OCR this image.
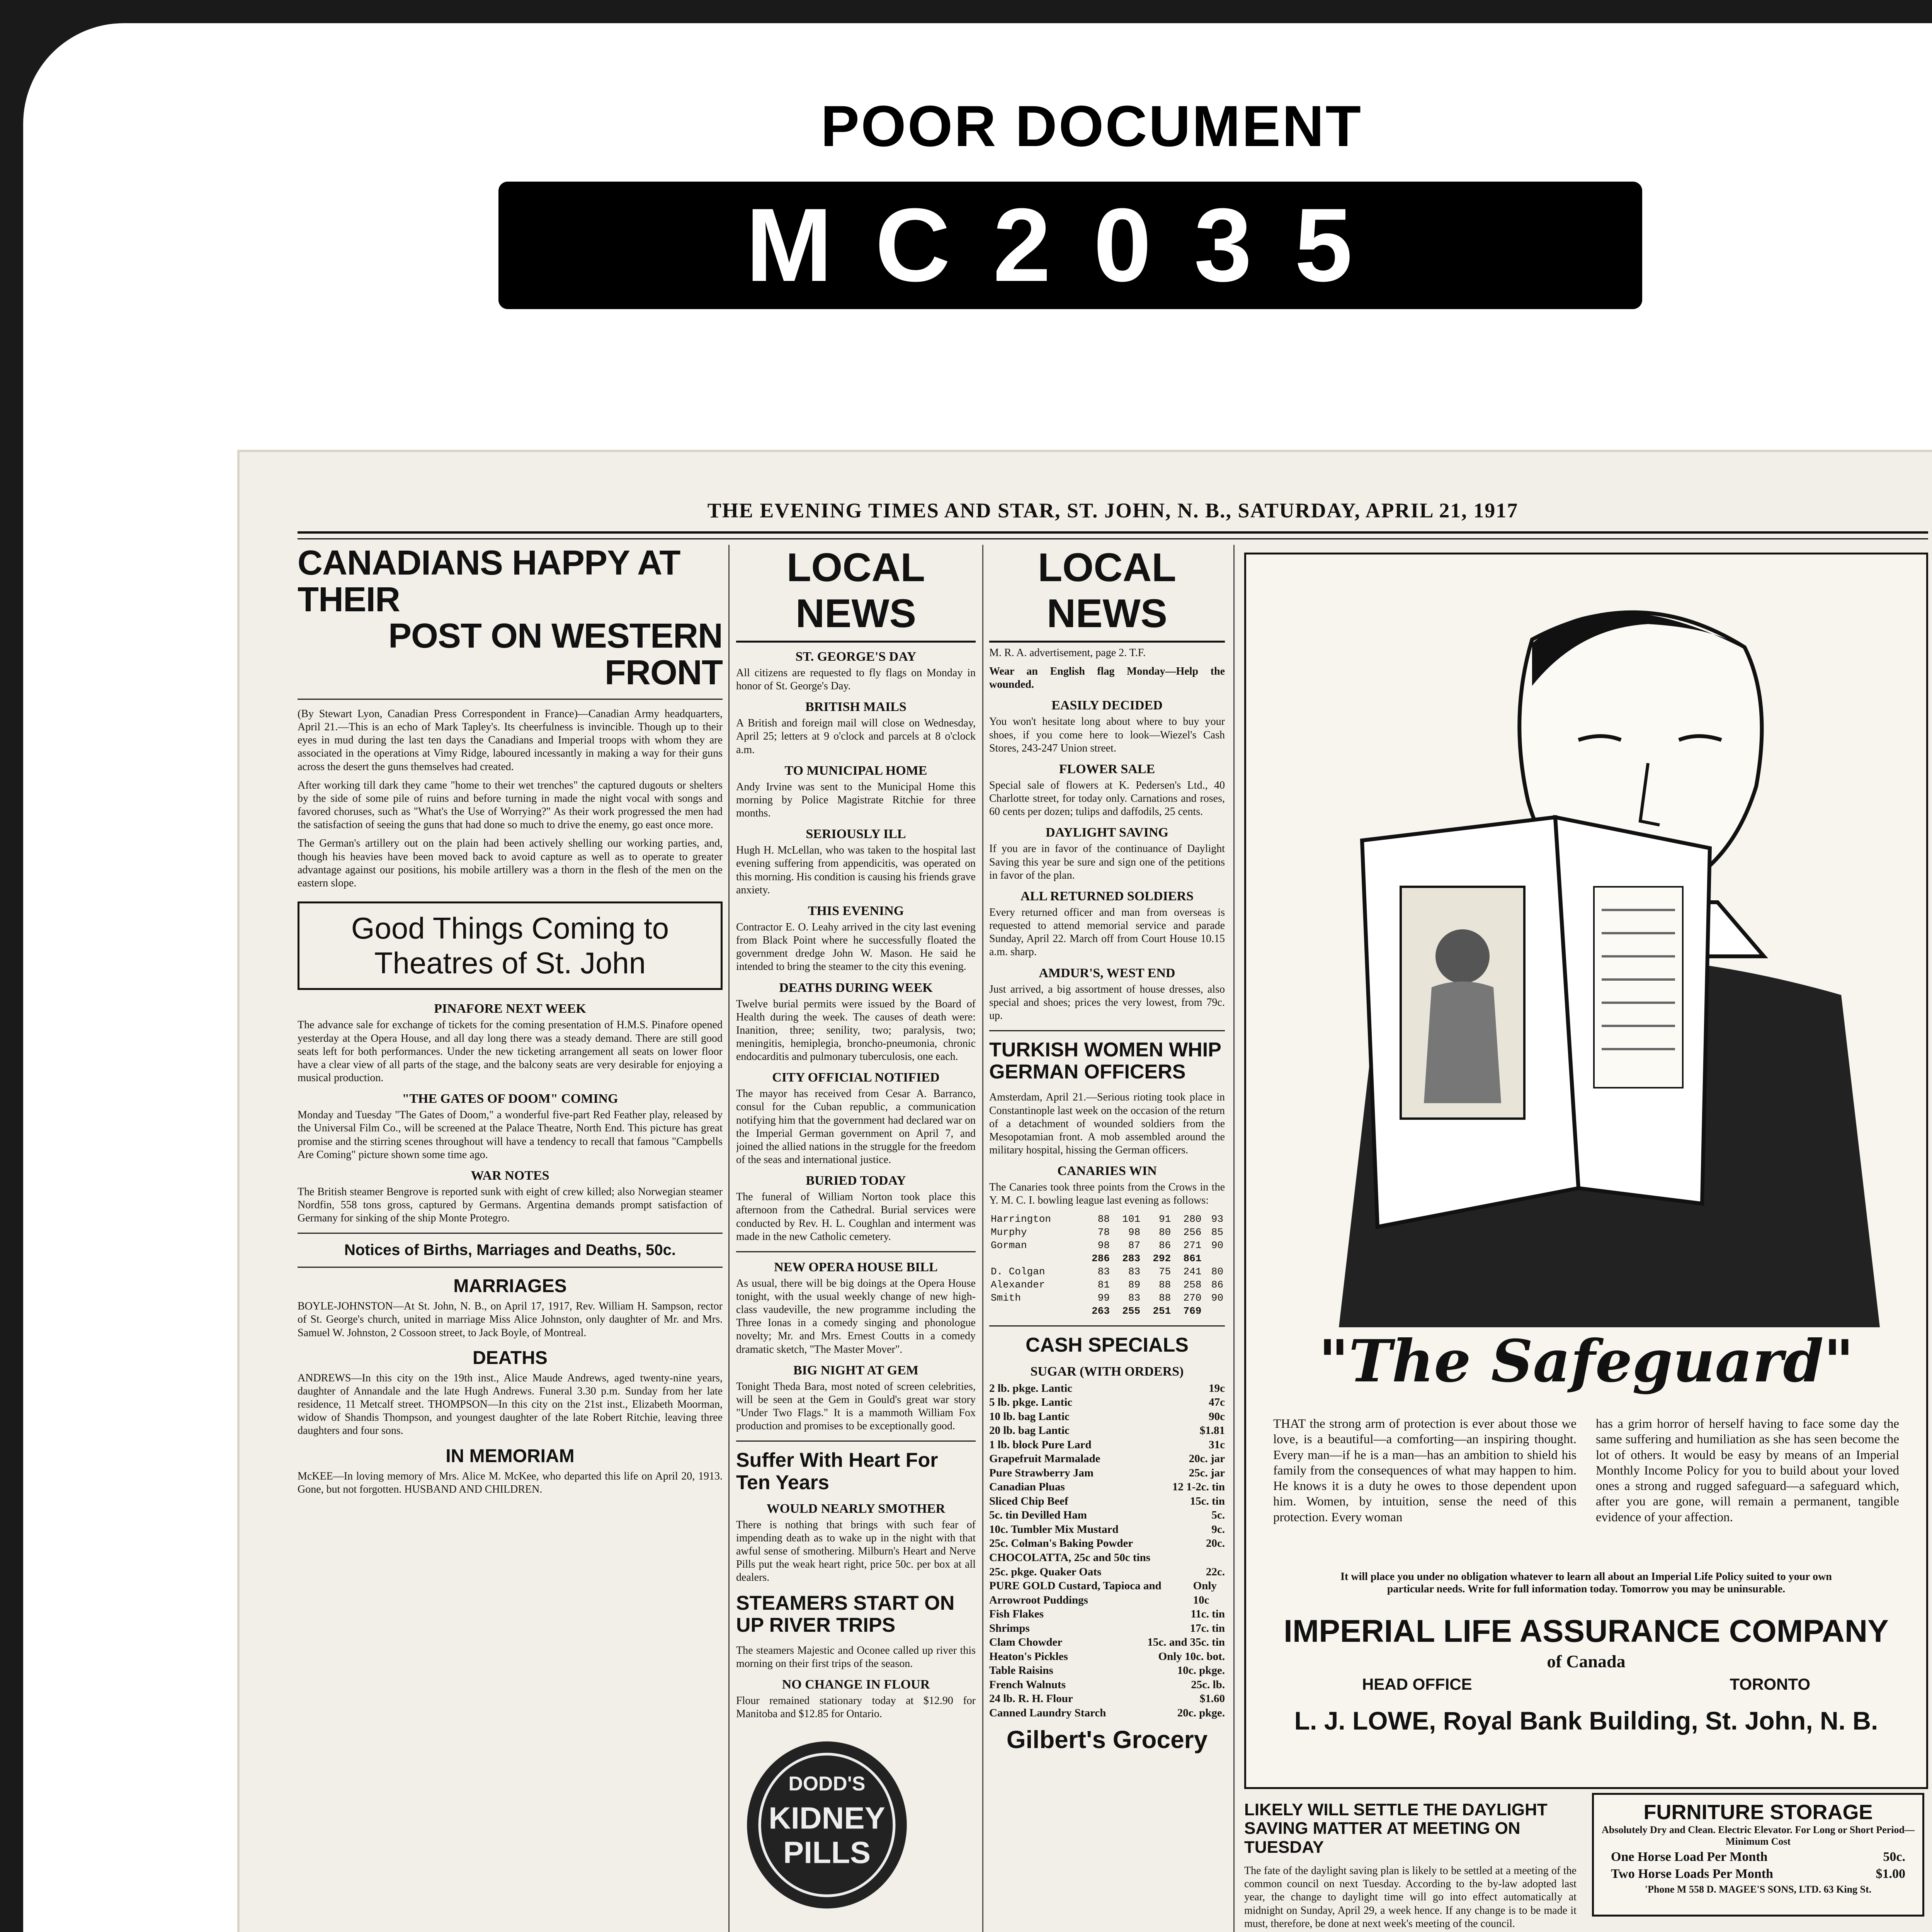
POOR DOCUMENT
MC2035
THE EVENING TIMES AND STAR, ST. JOHN, N. B., SATURDAY, APRIL 21, 1917
CANADIANS HAPPY AT THEIR
POST ON WESTERN FRONT

(By Stewart Lyon, Canadian Press Correspondent in France)—Canadian Army headquarters, April 21.—This is an echo of Mark Tapley's. Its cheerfulness is invincible. Though up to their eyes in mud during the last ten days the Canadians and Imperial troops with whom they are associated in the operations at Vimy Ridge, laboured incessantly in making a way for their guns across the desert the guns themselves had created.

After working till dark they came "home to their wet trenches" the captured dugouts or shelters by the side of some pile of ruins and before turning in made the night vocal with songs and favored choruses, such as "What's the Use of Worrying?" As their work progressed the men had the satisfaction of seeing the guns that had done so much to drive the enemy, go east once more.

The German's artillery out on the plain had been actively shelling our working parties, and, though his heavies have been moved back to avoid capture as well as to operate to greater advantage against our positions, his mobile artillery was a thorn in the flesh of the men on the eastern slope.

Good Things Coming to Theatres of St. John
PINAFORE NEXT WEEK

The advance sale for exchange of tickets for the coming presentation of H.M.S. Pinafore opened yesterday at the Opera House, and all day long there was a steady demand. There are still good seats left for both performances. Under the new ticketing arrangement all seats on lower floor have a clear view of all parts of the stage, and the balcony seats are very desirable for enjoying a musical production.

"THE GATES OF DOOM" COMING

Monday and Tuesday "The Gates of Doom," a wonderful five-part Red Feather play, released by the Universal Film Co., will be screened at the Palace Theatre, North End. This picture has great promise and the stirring scenes throughout will have a tendency to recall that famous "Campbells Are Coming" picture shown some time ago.

WAR NOTES

The British steamer Bengrove is reported sunk with eight of crew killed; also Norwegian steamer Nordfin, 558 tons gross, captured by Germans. Argentina demands prompt satisfaction of Germany for sinking of the ship Monte Protegro.

Notices of Births, Marriages and Deaths, 50c.
MARRIAGES

BOYLE-JOHNSTON—At St. John, N. B., on April 17, 1917, Rev. William H. Sampson, rector of St. George's church, united in marriage Miss Alice Johnston, only daughter of Mr. and Mrs. Samuel W. Johnston, 2 Cossoon street, to Jack Boyle, of Montreal.

DEATHS

ANDREWS—In this city on the 19th inst., Alice Maude Andrews, aged twenty-nine years, daughter of Annandale and the late Hugh Andrews. Funeral 3.30 p.m. Sunday from her late residence, 11 Metcalf street. THOMPSON—In this city on the 21st inst., Elizabeth Moorman, widow of Shandis Thompson, and youngest daughter of the late Robert Ritchie, leaving three daughters and four sons.

IN MEMORIAM

McKEE—In loving memory of Mrs. Alice M. McKee, who departed this life on April 20, 1913. Gone, but not forgotten. HUSBAND AND CHILDREN.

LOCAL NEWS
ST. GEORGE'S DAY

All citizens are requested to fly flags on Monday in honor of St. George's Day.

BRITISH MAILS

A British and foreign mail will close on Wednesday, April 25; letters at 9 o'clock and parcels at 8 o'clock a.m.

TO MUNICIPAL HOME

Andy Irvine was sent to the Municipal Home this morning by Police Magistrate Ritchie for three months.

SERIOUSLY ILL

Hugh H. McLellan, who was taken to the hospital last evening suffering from appendicitis, was operated on this morning. His condition is causing his friends grave anxiety.

THIS EVENING

Contractor E. O. Leahy arrived in the city last evening from Black Point where he successfully floated the government dredge John W. Mason. He said he intended to bring the steamer to the city this evening.

DEATHS DURING WEEK

Twelve burial permits were issued by the Board of Health during the week. The causes of death were: Inanition, three; senility, two; paralysis, two; meningitis, hemiplegia, broncho-pneumonia, chronic endocarditis and pulmonary tuberculosis, one each.

CITY OFFICIAL NOTIFIED

The mayor has received from Cesar A. Barranco, consul for the Cuban republic, a communication notifying him that the government had declared war on the Imperial German government on April 7, and joined the allied nations in the struggle for the freedom of the seas and international justice.

BURIED TODAY

The funeral of William Norton took place this afternoon from the Cathedral. Burial services were conducted by Rev. H. L. Coughlan and interment was made in the new Catholic cemetery.

NEW OPERA HOUSE BILL

As usual, there will be big doings at the Opera House tonight, with the usual weekly change of new high-class vaudeville, the new programme including the Three Ionas in a comedy singing and phonologue novelty; Mr. and Mrs. Ernest Coutts in a comedy dramatic sketch, "The Master Mover".

BIG NIGHT AT GEM

Tonight Theda Bara, most noted of screen celebrities, will be seen at the Gem in Gould's great war story "Under Two Flags." It is a mammoth William Fox production and promises to be exceptionally good.

Suffer With Heart For Ten Years
WOULD NEARLY SMOTHER

There is nothing that brings with such fear of impending death as to wake up in the night with that awful sense of smothering. Milburn's Heart and Nerve Pills put the weak heart right, price 50c. per box at all dealers.

STEAMERS START ON UP RIVER TRIPS

The steamers Majestic and Oconee called up river this morning on their first trips of the season.

NO CHANGE IN FLOUR

Flour remained stationary today at $12.90 for Manitoba and $12.85 for Ontario.

DODD'S
KIDNEY
PILLS
LOCAL NEWS

M. R. A. advertisement, page 2. T.F.

Wear an English flag Monday—Help the wounded.

EASILY DECIDED

You won't hesitate long about where to buy your shoes, if you come here to look—Wiezel's Cash Stores, 243-247 Union street.

FLOWER SALE

Special sale of flowers at K. Pedersen's Ltd., 40 Charlotte street, for today only. Carnations and roses, 60 cents per dozen; tulips and daffodils, 25 cents.

DAYLIGHT SAVING

If you are in favor of the continuance of Daylight Saving this year be sure and sign one of the petitions in favor of the plan.

ALL RETURNED SOLDIERS

Every returned officer and man from overseas is requested to attend memorial service and parade Sunday, April 22. March off from Court House 10.15 a.m. sharp.

AMDUR'S, WEST END

Just arrived, a big assortment of house dresses, also special and shoes; prices the very lowest, from 79c. up.

TURKISH WOMEN WHIP GERMAN OFFICERS

Amsterdam, April 21.—Serious rioting took place in Constantinople last week on the occasion of the return of a detachment of wounded soldiers from the Mesopotamian front. A mob assembled around the military hospital, hissing the German officers.

CANARIES WIN

The Canaries took three points from the Crows in the Y. M. C. I. bowling league last evening as follows:

Harrington	88	101	91	280	93
Murphy	78	98	80	256	85
Gorman	98	87	86	271	90
	286	283	292	861	
D. Colgan	83	83	75	241	80
Alexander	81	89	88	258	86
Smith	99	83	88	270	90
	263	255	251	769	
CASH SPECIALS
SUGAR (WITH ORDERS)
2 lb. pkge. Lantic	19c
5 lb. pkge. Lantic	47c
10 lb. bag Lantic	90c
20 lb. bag Lantic	$1.81
1 lb. block Pure Lard	31c
Grapefruit Marmalade	20c. jar
Pure Strawberry Jam	25c. jar
Canadian Pluas	12 1-2c. tin
Sliced Chip Beef	15c. tin
5c. tin Devilled Ham	5c.
10c. Tumbler Mix Mustard	9c.
25c. Colman's Baking Powder	20c.
CHOCOLATTA, 25c and 50c tins
25c. pkge. Quaker Oats	22c.
PURE GOLD Custard, Tapioca and Arrowroot Puddings
Only 10c
Fish Flakes	11c. tin
Shrimps	17c. tin
Clam Chowder	15c. and 35c. tin
Heaton's Pickles	Only 10c. bot.
Table Raisins	10c. pkge.
French Walnuts	25c. lb.
24 lb. R. H. Flour	$1.60
Canned Laundry Starch	20c. pkge.
Gilbert's Grocery
"The Safeguard"

THAT the strong arm of protection is ever about those we love, is a beautiful—a comforting—an inspiring thought. Every man—if he is a man—has an ambition to shield his family from the consequences of what may happen to him. He knows it is a duty he owes to those dependent upon him. Women, by intuition, sense the need of this protection. Every woman

has a grim horror of herself having to face some day the same suffering and humiliation as she has seen become the lot of others. It would be easy by means of an Imperial Monthly Income Policy for you to build about your loved ones a strong and rugged safeguard—a safeguard which, after you are gone, will remain a permanent, tangible evidence of your affection.

It will place you under no obligation whatever to learn all about an Imperial Life Policy suited to your own particular needs. Write for full information today. Tomorrow you may be uninsurable.
IMPERIAL LIFE ASSURANCE COMPANY
of Canada
HEAD OFFICE	TORONTO
L. J. LOWE, Royal Bank Building, St. John, N. B.
LIKELY WILL SETTLE THE DAYLIGHT SAVING MATTER AT MEETING ON TUESDAY

The fate of the daylight saving plan is likely to be settled at a meeting of the common council on next Tuesday. According to the by-law adopted last year, the change to daylight time will go into effect automatically at midnight on Sunday, April 29, a week hence. If any change is to be made it must, therefore, be done at next week's meeting of the council.

FURNITURE STORAGE
Absolutely Dry and Clean. Electric Elevator. For Long or Short Period—Minimum Cost
One Horse Load Per Month	50c.
Two Horse Loads Per Month	$1.00
'Phone M 558 D. MAGEE'S SONS, LTD. 63 King St.
